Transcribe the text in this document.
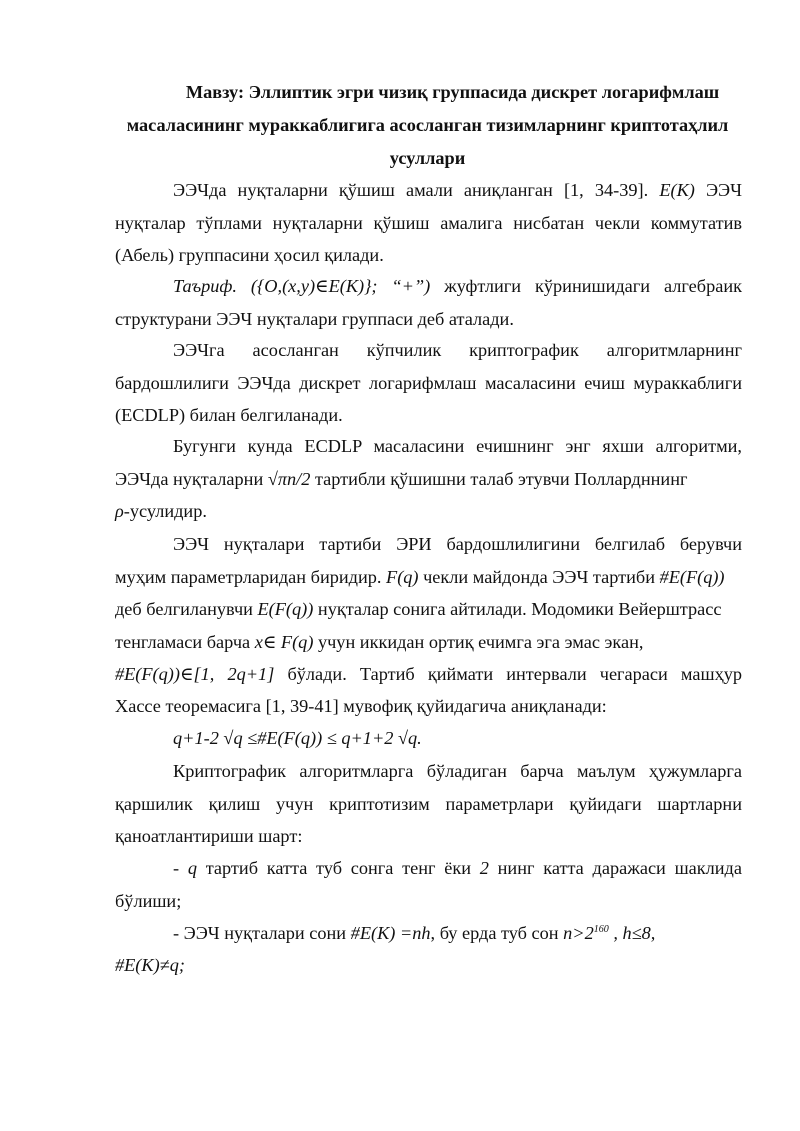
Мавзу: Эллиптик эгри чизиқ группасида дискрет логарифмлаш масаласининг мураккаблигига асосланган тизимларнинг криптотаҳлил усуллари
ЭЭЧда нуқталарни қўшиш амали аниқланган [1, 34-39]. E(K) ЭЭЧ нуқталар тўплами нуқталарни қўшиш амалига нисбатан чекли коммутатив (Абель) группасини ҳосил қилади.
Таъриф. ({O,(x,y)∈E(K)}; “+”) жуфтлиги кўринишидаги алгебраик структурани ЭЭЧ нуқталари группаси деб аталади.
ЭЭЧга асосланган кўпчилик криптографик алгоритмларнинг бардошлилиги ЭЭЧда дискрет логарифмлаш масаласини ечиш мураккаблиги (ECDLP) билан белгиланади.
Бугунги кунда ECDLP масаласини ечишнинг энг яхши алгоритми,
ЭЭЧда нуқталарни √πn/2 тартибли қўшишни талаб этувчи Поллардннинг
ρ-усулидир.
ЭЭЧ нуқталари тартиби ЭРИ бардошлилигини белгилаб берувчи
муҳим параметрларидан биридир. F(q) чекли майдонда ЭЭЧ тартиби #E(F(q))
деб белгиланувчи E(F(q)) нуқталар сонига айтилади. Модомики Вейерштрасс
тенгламаси барча x∈ F(q) учун иккидан ортиқ ечимга эга эмас экан,
#E(F(q))∈[1, 2q+1] бўлади. Тартиб қиймати интервали чегараси машҳур
Хассе теоремасига [1, 39-41] мувофиқ қуйидагича аниқланади:
q+1-2 √q ≤#E(F(q)) ≤ q+1+2 √q.
Криптографик алгоритмларга бўладиган барча маълум ҳужумларга қаршилик қилиш учун криптотизим параметрлари қуйидаги шартларни қаноатлантириши шарт:
- q тартиб катта туб сонга тенг ёки 2 нинг катта даражаси шаклида бўлиши;
- ЭЭЧ нуқталари сони #E(K) =nh, бу ерда туб сон $n>2^{160}$ , h≤8,
#E(K)≠q;
